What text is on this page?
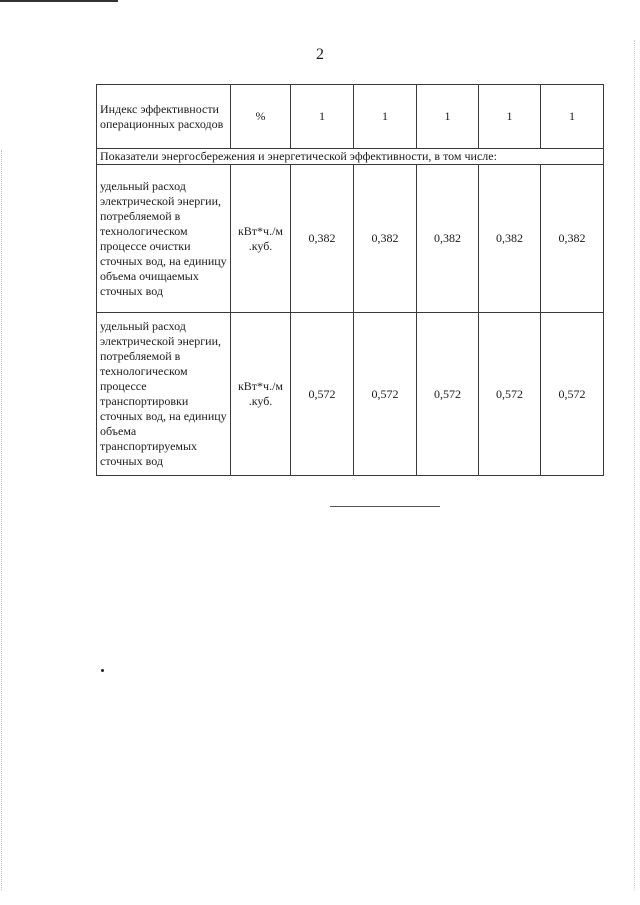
2
Индекс эффективности операционных расходов	%	1	1	1	1	1
Показатели энергосбережения и энергетической эффективности, в том числе:						
удельный расход электрической энергии, потребляемой в технологическом процессе очистки сточных вод, на единицу объема очищаемых сточных вод	кВт*ч./м .куб.	0,382	0,382	0,382	0,382	0,382
удельный расход электрической энергии, потребляемой в технологическом процессе транспортировки сточных вод, на единицу объема транспортируемых сточных вод	кВт*ч./м .куб.	0,572	0,572	0,572	0,572	0,572
